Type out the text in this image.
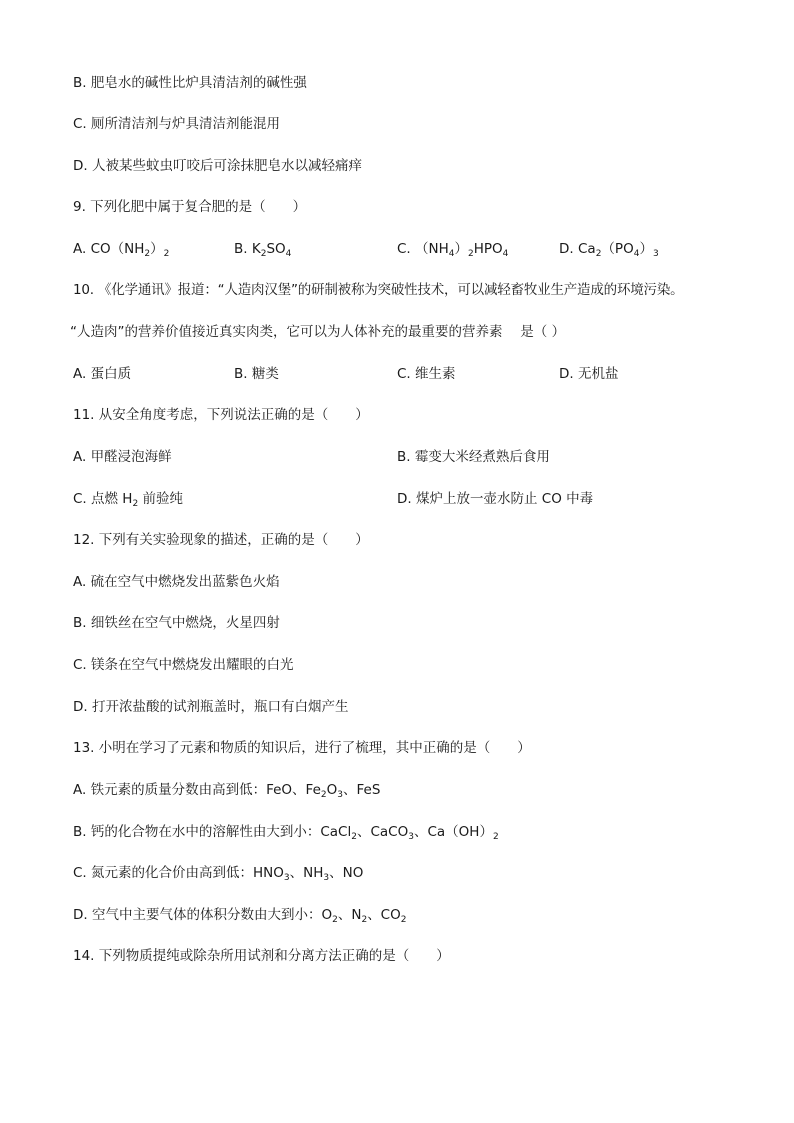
B. 肥皂水的碱性比炉具清洁剂的碱性强
C. 厕所清洁剂与炉具清洁剂能混用
D. 人被某些蚊虫叮咬后可涂抹肥皂水以减轻痛痒
9. 下列化肥中属于复合肥的是（　　）
A. $CO(NH_2)_2$	B. $K_2SO_4$	C. $(NH_4)_2HPO_4$	D. $Ca_2(PO_4)_3$
10. 《化学通讯》报道：“人造肉汉堡”的研制被称为突破性技术，可以减轻畜牧业生产造成的环境污染。
“人造肉”的营养价值接近真实肉类，它可以为人体补充的最重要的营养素　 是（ ）
A. 蛋白质	B. 糖类	C. 维生素	D. 无机盐
11. 从安全角度考虑，下列说法正确的是（　　）
A. 甲醛浸泡海鲜	B. 霉变大米经煮熟后食用
C. 点燃 $H_2$ 前验纯	D. 煤炉上放一壶水防止 CO 中毒
12. 下列有关实验现象的描述，正确的是（　　）
A. 硫在空气中燃烧发出蓝紫色火焰
B. 细铁丝在空气中燃烧，火星四射
C. 镁条在空气中燃烧发出耀眼的白光
D. 打开浓盐酸的试剂瓶盖时，瓶口有白烟产生
13. 小明在学习了元素和物质的知识后，进行了梳理，其中正确的是（　　）
A. 铁元素的质量分数由高到低：FeO、$Fe_2O_3$、FeS
B. 钙的化合物在水中的溶解性由大到小：CaCl$_2$、CaCO$_3$、$Ca(OH)_2$
C. 氮元素的化合价由高到低：$HNO_3$、$NH_3$、NO
D. 空气中主要气体的体积分数由大到小：$O_2$、$N_2$、$CO_2$
14. 下列物质提纯或除杂所用试剂和分离方法正确的是（　　）
